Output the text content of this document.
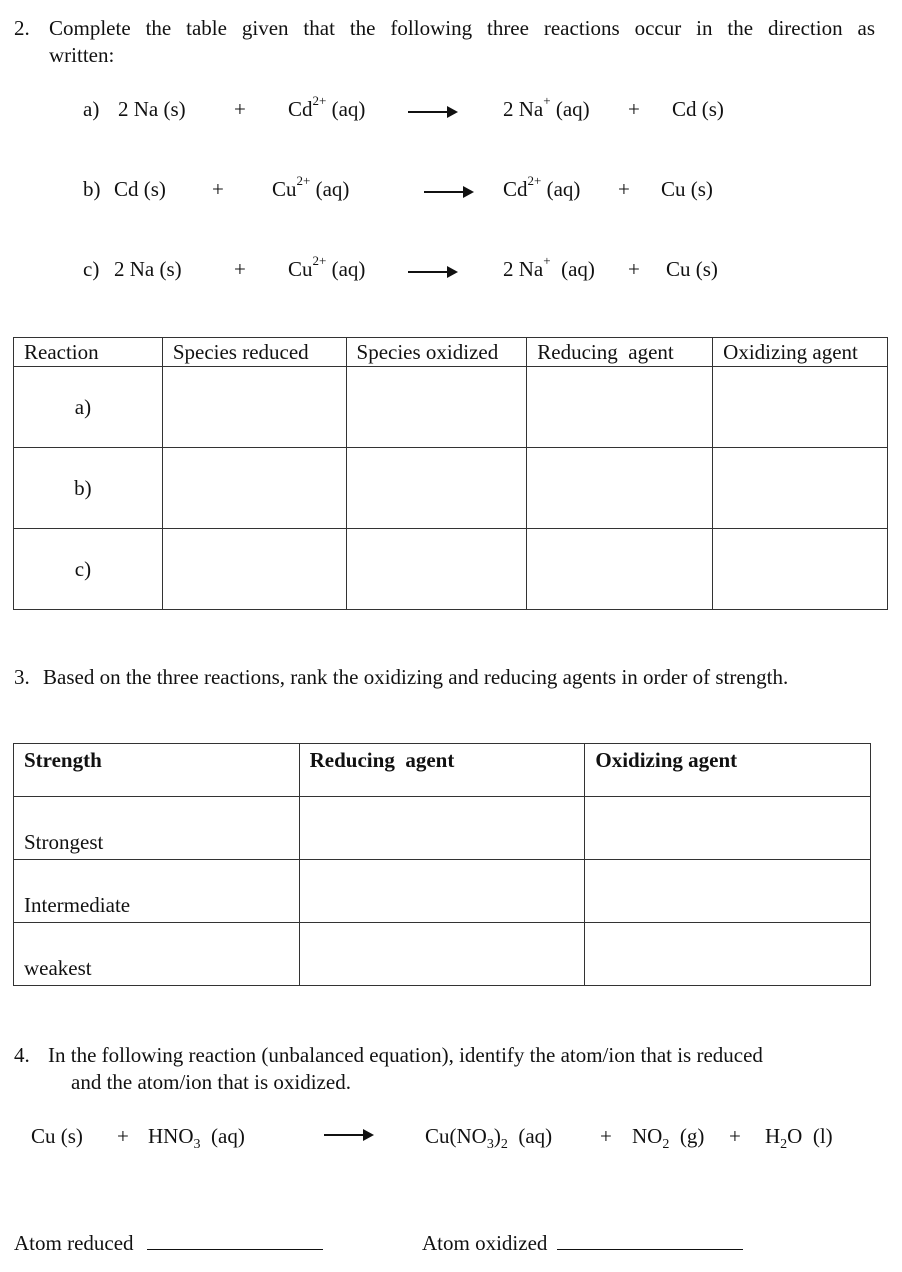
2. Complete the table given that the following three reactions occur in the direction as
written:
a) 2 Na $(s) + Cd^{2+}$ (aq)	2 Na+ (aq) + Cd (s)
b) Cd $(s) + Cu^{2+}$ (aq)	→ $Cd^{2+}$ (aq) + Cu (s)
c) 2 Na $(s) + Cu^{2+}$ (aq)	2 Na+  (aq) + Cu (s)
Reaction	Species reduced	Species oxidized	Reducing  agent	Oxidizing agent
a)				
b)				
c)				
3. Based on the three reactions, rank the oxidizing and reducing agents in order of strength.
Strength	Reducing  agent	Oxidizing agent
Strongest		
Intermediate		
weakest		
4. In the following reaction (unbalanced equation), identify the atom/ion that is reduced
and the atom/ion that is oxidized.
Cu $(s) + HNO_3$  (aq)	$Cu(NO_3)_2$  $(aq) + NO_2$  $(g) + H_2O$  (l)
Atom reduced	Atom oxidized
